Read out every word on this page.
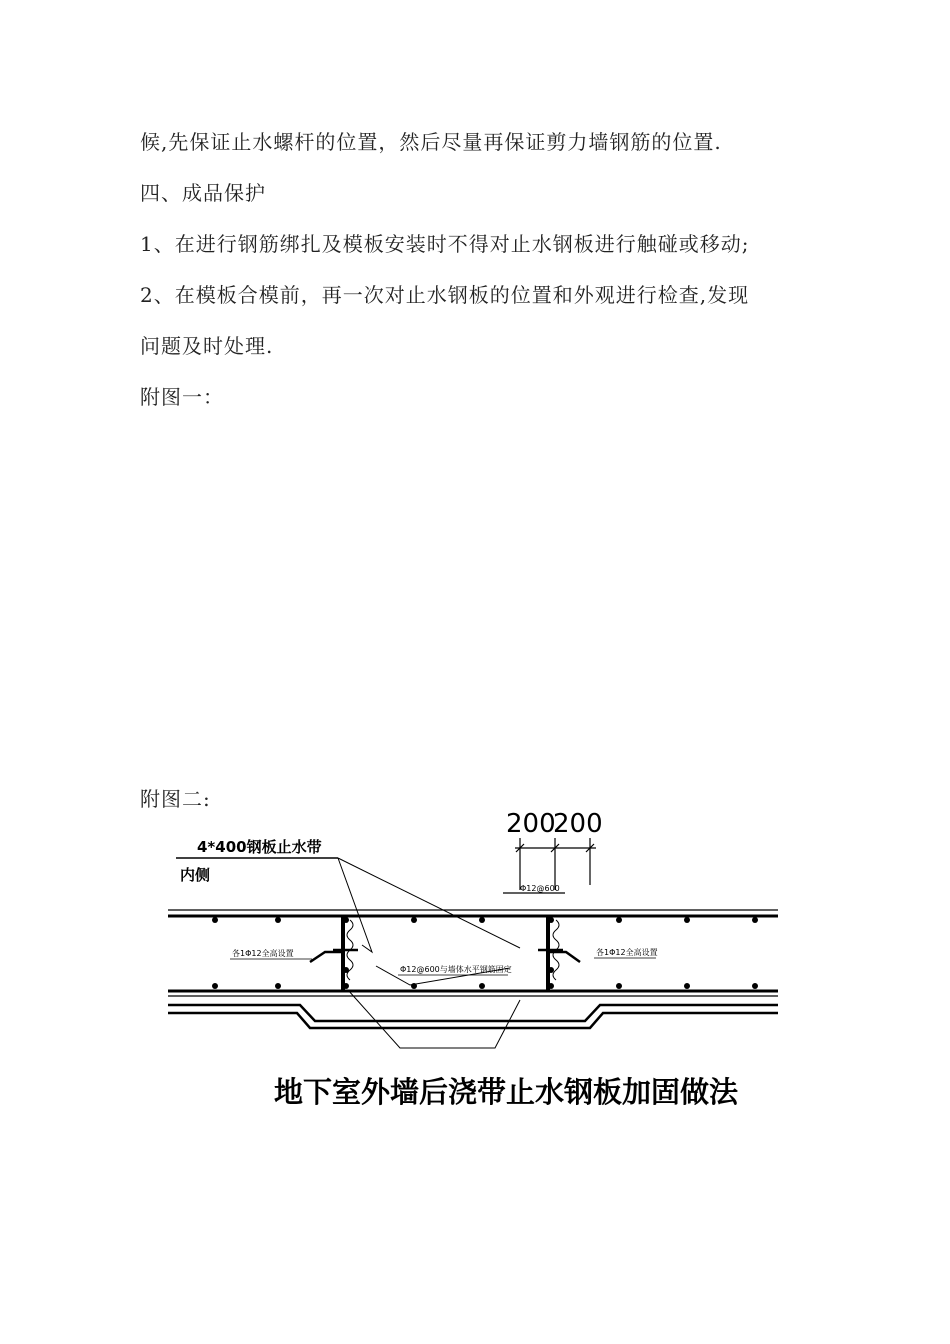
候,先保证止水螺杆的位置，然后尽量再保证剪力墙钢筋的位置.
四、成品保护
1、在进行钢筋绑扎及模板安装时不得对止水钢板进行触碰或移动;
2、在模板合模前，再一次对止水钢板的位置和外观进行检查,发现
问题及时处理.
附图一：
附图二:
200
200
Φ12@600
4*400钢板止水带
内侧
各1Φ12全高设置	各1Φ12全高设置
Φ12@600与墙体水平钢筋固定
地下室外墙后浇带止水钢板加固做法
